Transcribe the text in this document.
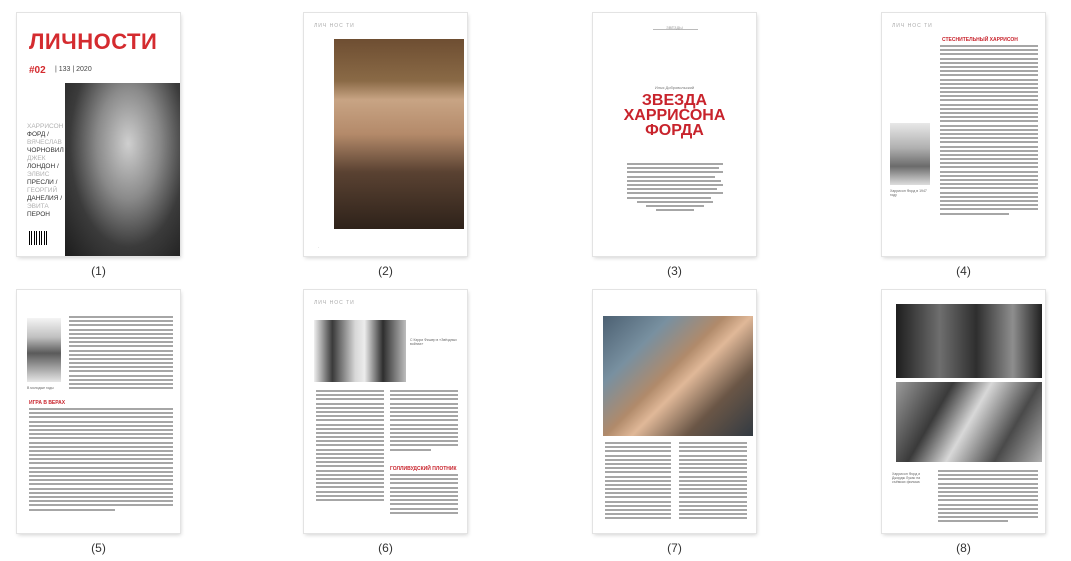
ЛИЧНОСТИ
#02 | 133 | 2020
ХАРРИСОН
ФОРД /
ВЯЧЕСЛАВ
ЧОРНОВИЛ /
ДЖЕК
ЛОНДОН /
ЭЛВИС
ПРЕСЛИ /
ГЕОРГИЙ
ДАНЕЛИЯ /
ЭВИТА
ПЕРОН
(1)
ЛИЧ НОС ТИ
·
(2)
ЗВЁЗДЫ
Илья Добровольский
ЗВЕЗДА
ХАРРИСОНА
ФОРДА
(3)
ЛИЧ НОС ТИ
СТЕСНИТЕЛЬНЫЙ ХАРРИСОН
Харрисон Форд в 1947 году
(4)
В молодые годы
ИГРА В ВЕРАХ
(5)
ЛИЧ НОС ТИ
С Кэрри Фишер в «Звёздных войнах»
ГОЛЛИВУДСКИЙ ПЛОТНИК
(6)	(7)
Харрисон Форд и Джордж Лукас на съёмках фильма
(8)
